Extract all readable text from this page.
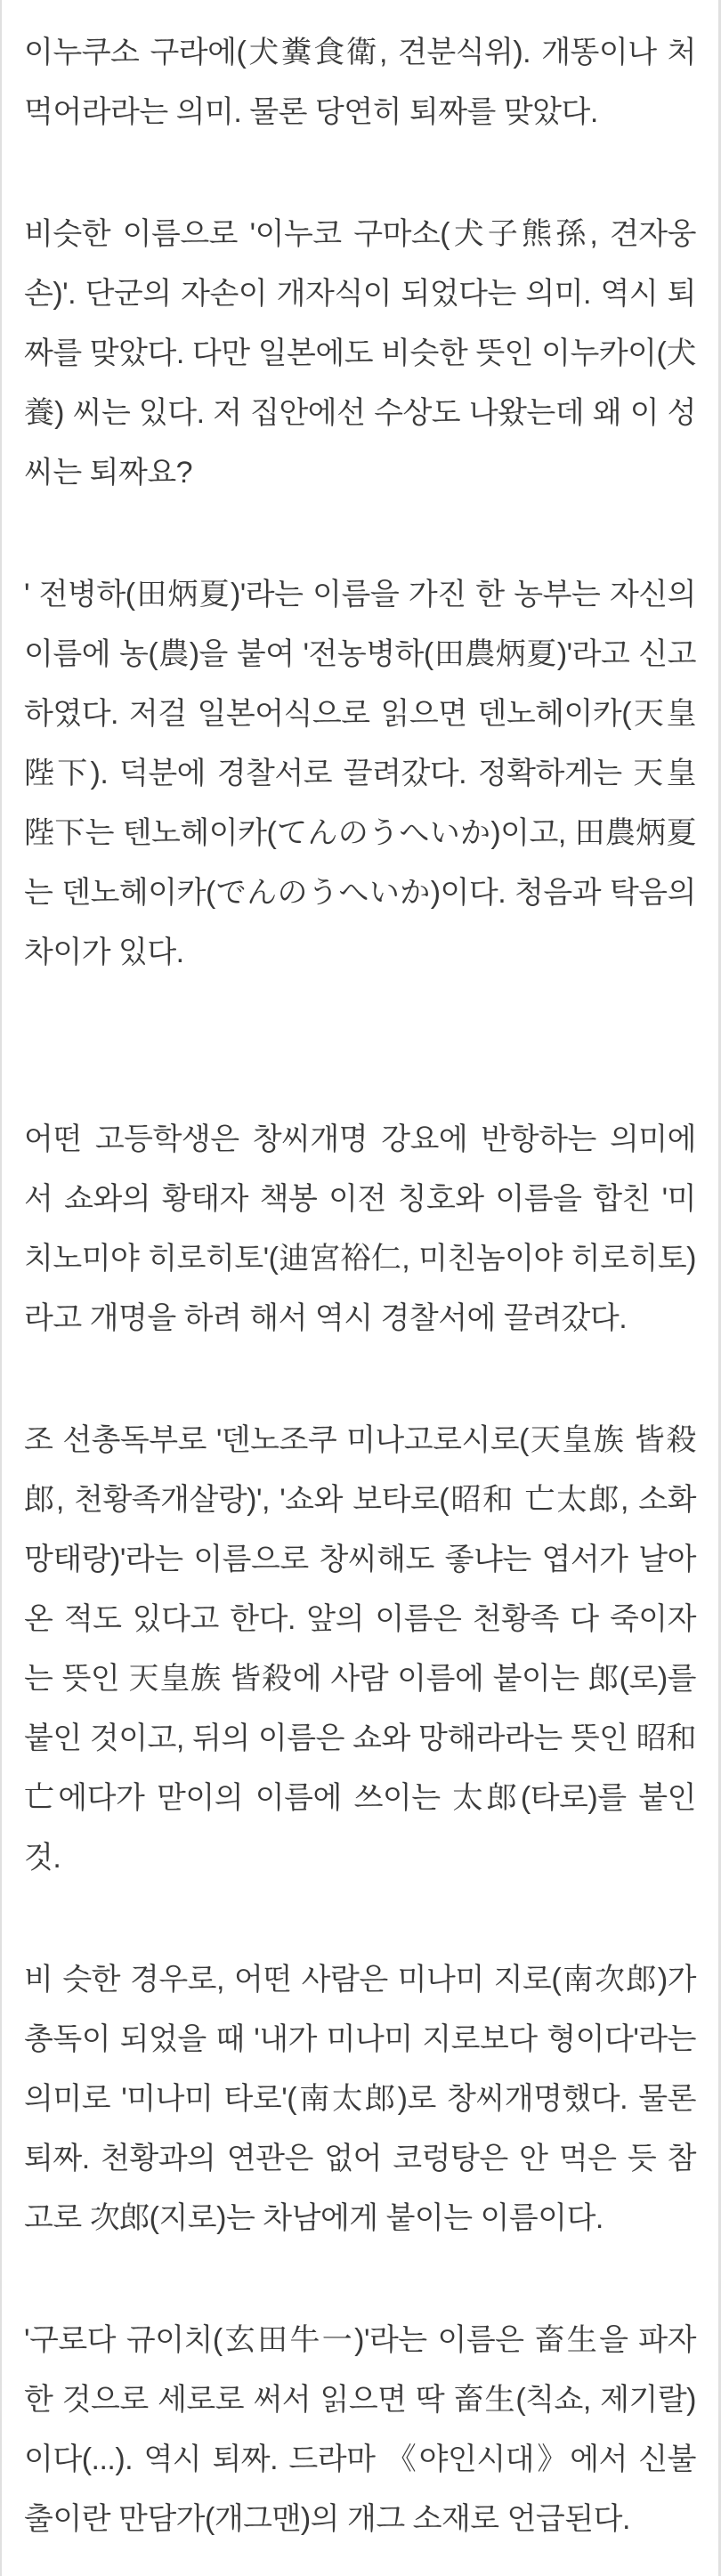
이누쿠소 구라에(犬糞食衛, 견분식위). 개똥이나 처먹어라라는 의미. 물론 당연히 퇴짜를 맞았다.

비슷한 이름으로 '이누코 구마소(犬子熊孫, 견자웅손)'. 단군의 자손이 개자식이 되었다는 의미. 역시 퇴짜를 맞았다. 다만 일본에도 비슷한 뜻인 이누카이(犬養) 씨는 있다. 저 집안에선 수상도 나왔는데 왜 이 성씨는 퇴짜요?

' 전병하(田炳夏)'라는 이름을 가진 한 농부는 자신의 이름에 농(農)을 붙여 '전농병하(田農炳夏)'라고 신고하였다. 저걸 일본어식으로 읽으면 덴노헤이카(天皇陛下). 덕분에 경찰서로 끌려갔다. 정확하게는 天皇陛下는 텐노헤이카(てんのうへいか)이고, 田農炳夏는 덴노헤이카(でんのうへいか)이다. 청음과 탁음의 차이가 있다.

어떤 고등학생은 창씨개명 강요에 반항하는 의미에서 쇼와의 황태자 책봉 이전 칭호와 이름을 합친 '미치노미야 히로히토'(迪宮裕仁, 미친놈이야 히로히토)라고 개명을 하려 해서 역시 경찰서에 끌려갔다.

조 선총독부로 '덴노조쿠 미나고로시로(天皇族 皆殺郞, 천황족개살랑)', '쇼와 보타로(昭和 亡太郞, 소화망태랑)'라는 이름으로 창씨해도 좋냐는 엽서가 날아온 적도 있다고 한다. 앞의 이름은 천황족 다 죽이자는 뜻인 天皇族 皆殺에 사람 이름에 붙이는 郞(로)를 붙인 것이고, 뒤의 이름은 쇼와 망해라라는 뜻인 昭和亡에다가 맏이의 이름에 쓰이는 太郞(타로)를 붙인 것.

비 슷한 경우로, 어떤 사람은 미나미 지로(南次郞)가 총독이 되었을 때 '내가 미나미 지로보다 형이다'라는 의미로 '미나미 타로'(南太郞)로 창씨개명했다. 물론 퇴짜. 천황과의 연관은 없어 코렁탕은 안 먹은 듯 참고로 次郞(지로)는 차남에게 붙이는 이름이다.

'구로다 규이치(玄田牛一)'라는 이름은 畜生을 파자한 것으로 세로로 써서 읽으면 딱 畜生(칙쇼, 제기랄)이다(...). 역시 퇴짜. 드라마 《야인시대》에서 신불출이란 만담가(개그맨)의 개그 소재로 언급된다.
